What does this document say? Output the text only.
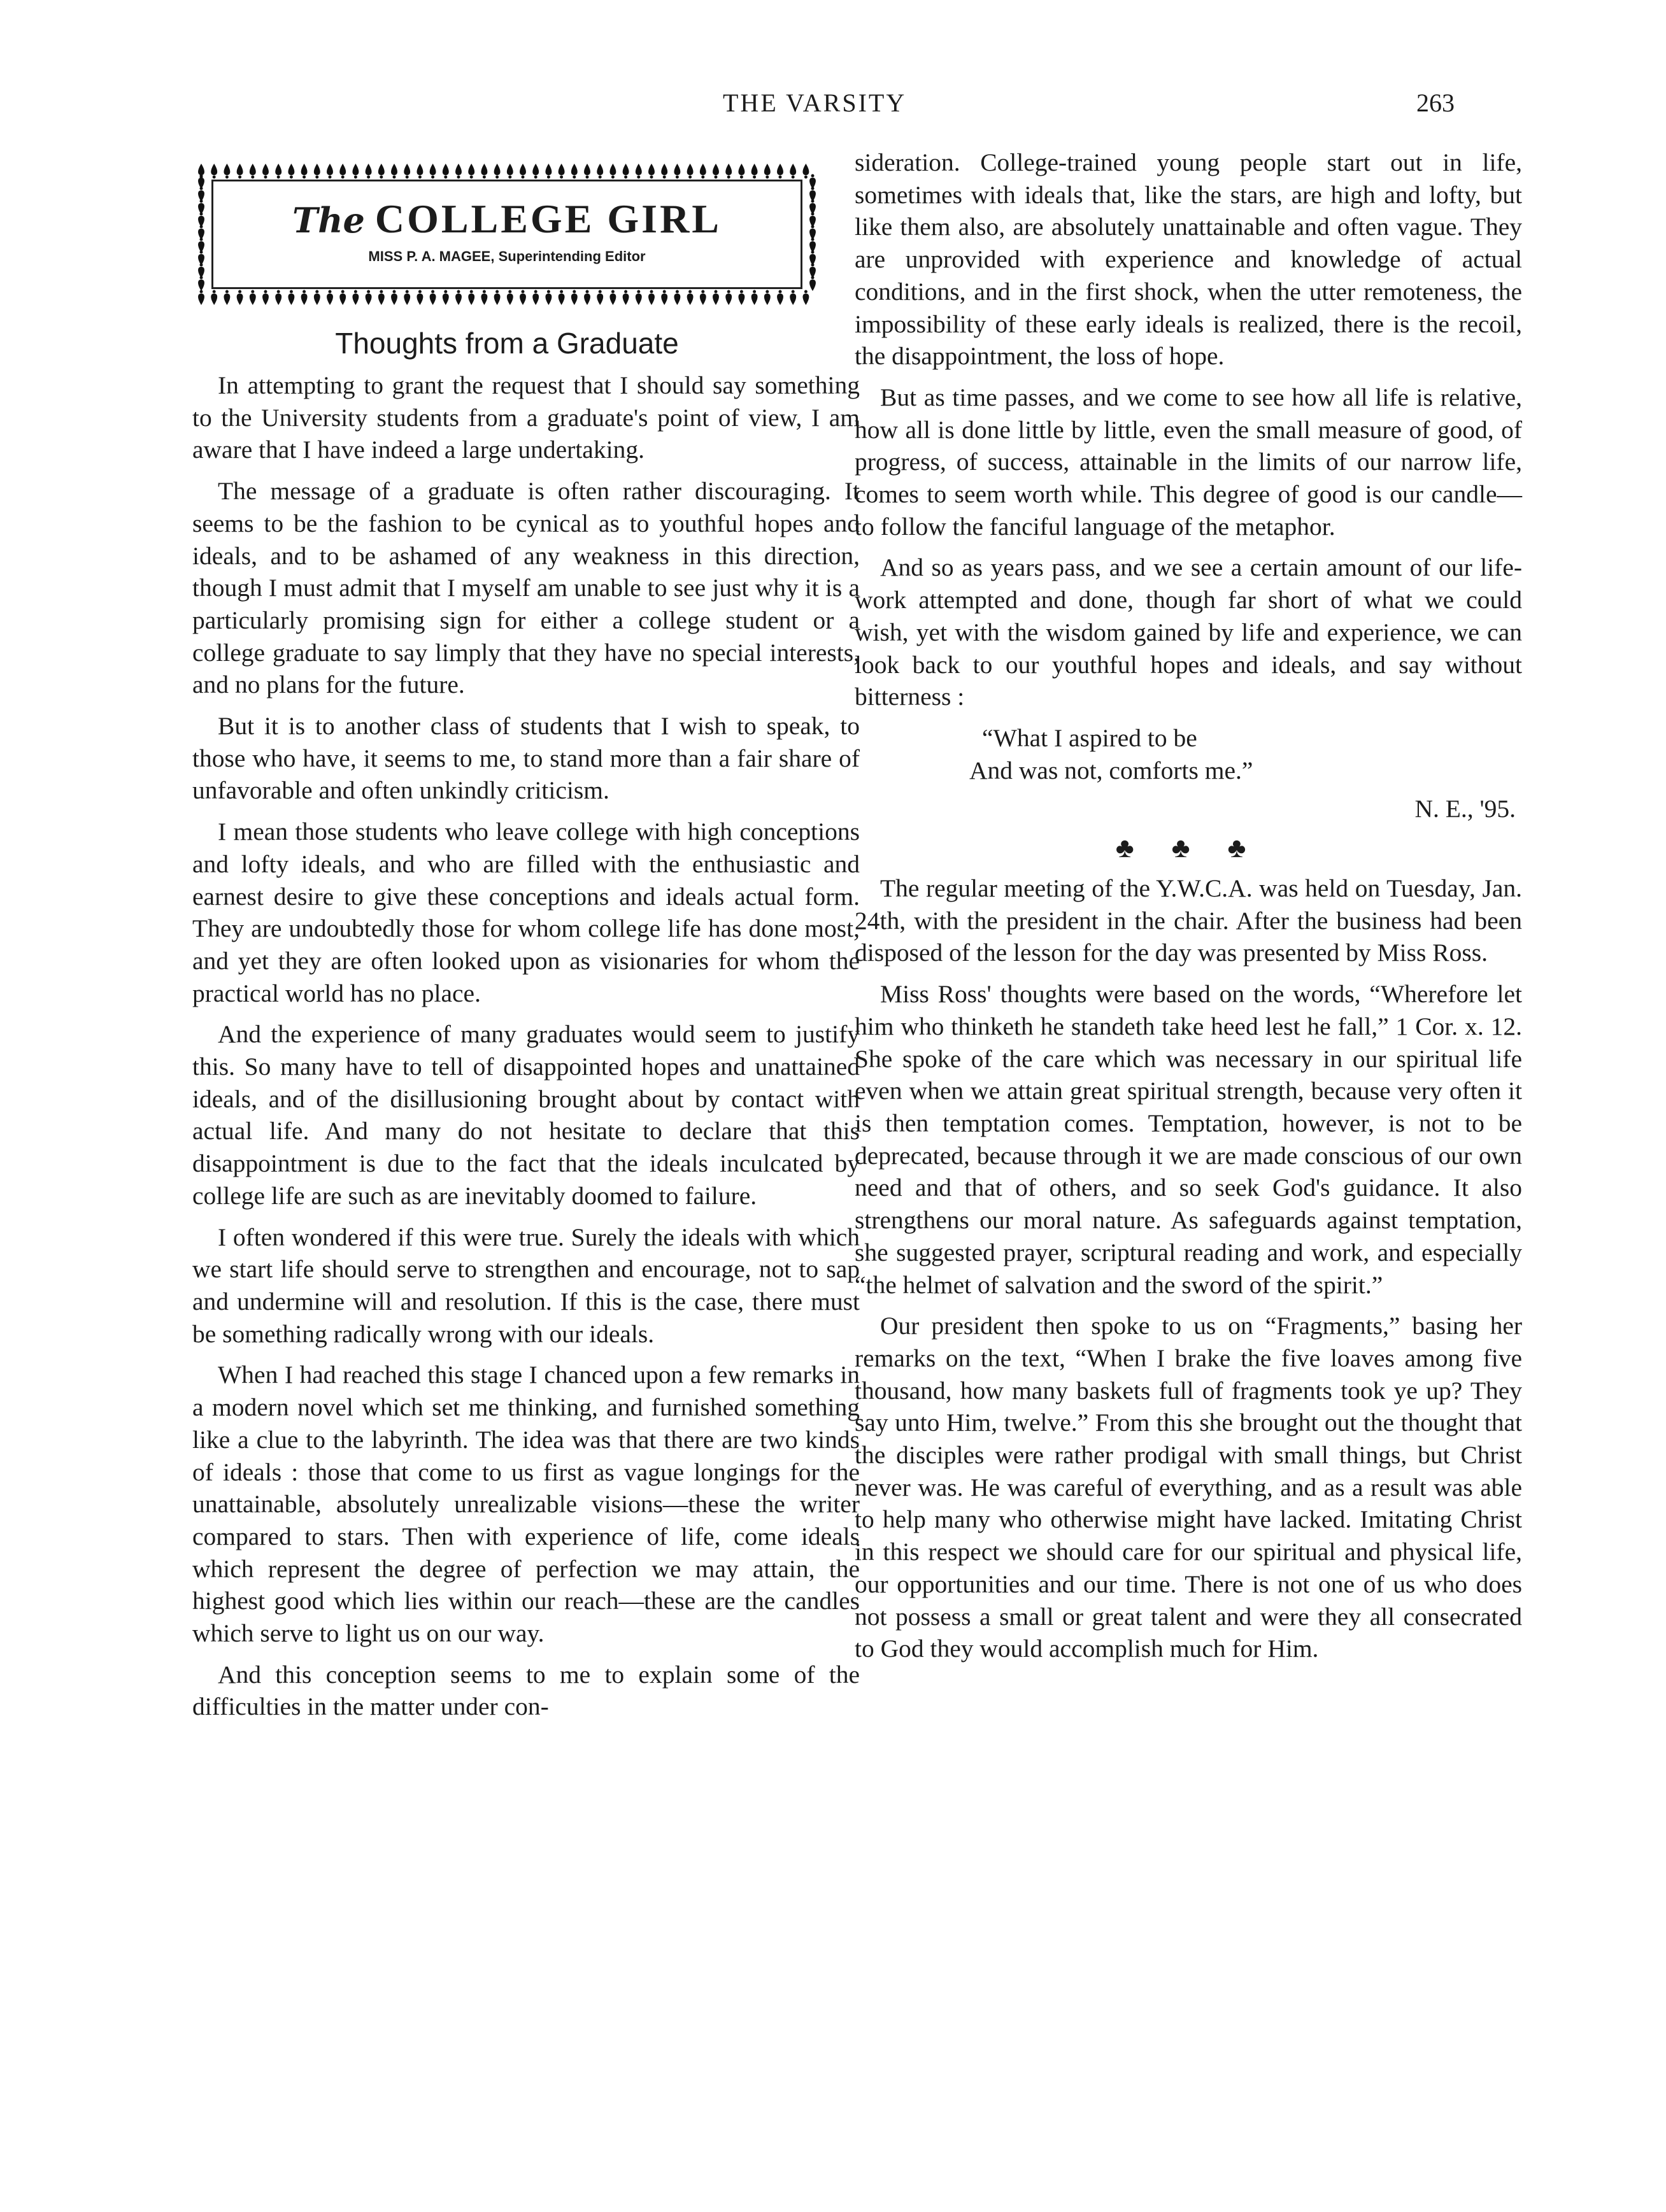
THE VARSITY	263
The COLLEGE GIRL
MISS P. A. MAGEE, Superintending Editor
Thoughts from a Graduate

In attempting to grant the request that I should say something to the University students from a graduate's point of view, I am aware that I have indeed a large undertaking.

The message of a graduate is often rather discouraging. It seems to be the fashion to be cynical as to youthful hopes and ideals, and to be ashamed of any weakness in this direction, though I must admit that I myself am unable to see just why it is a particularly promising sign for either a college student or a college graduate to say limply that they have no special interests, and no plans for the future.

But it is to another class of students that I wish to speak, to those who have, it seems to me, to stand more than a fair share of unfavorable and often unkindly criticism.

I mean those students who leave college with high conceptions and lofty ideals, and who are filled with the enthusiastic and earnest desire to give these conceptions and ideals actual form. They are undoubtedly those for whom college life has done most, and yet they are often looked upon as visionaries for whom the practical world has no place.

And the experience of many graduates would seem to justify this. So many have to tell of disappointed hopes and unattained ideals, and of the disillusioning brought about by contact with actual life. And many do not hesitate to declare that this disappointment is due to the fact that the ideals inculcated by college life are such as are inevitably doomed to failure.

I often wondered if this were true. Surely the ideals with which we start life should serve to strengthen and encourage, not to sap and undermine will and resolution. If this is the case, there must be something radically wrong with our ideals.

When I had reached this stage I chanced upon a few remarks in a modern novel which set me thinking, and furnished something like a clue to the labyrinth. The idea was that there are two kinds of ideals : those that come to us first as vague longings for the unattainable, absolutely unrealizable visions—these the writer compared to stars. Then with experience of life, come ideals which represent the degree of perfection we may attain, the highest good which lies within our reach—these are the candles which serve to light us on our way.

And this conception seems to me to explain some of the difficulties in the matter under con-

sideration. College-trained young people start out in life, sometimes with ideals that, like the stars, are high and lofty, but like them also, are absolutely unattainable and often vague. They are unprovided with experience and knowledge of actual conditions, and in the first shock, when the utter remoteness, the impossibility of these early ideals is realized, there is the recoil, the disappointment, the loss of hope.

But as time passes, and we come to see how all life is relative, how all is done little by little, even the small measure of good, of progress, of success, attainable in the limits of our narrow life, comes to seem worth while. This degree of good is our candle—to follow the fanciful language of the metaphor.

And so as years pass, and we see a certain amount of our life-work attempted and done, though far short of what we could wish, yet with the wisdom gained by life and experience, we can look back to our youthful hopes and ideals, and say without bitterness :

“What I aspired to be
And was not, comforts me.”
N. E., '95.
♣ ♣ ♣

The regular meeting of the Y.W.C.A. was held on Tuesday, Jan. 24th, with the president in the chair. After the business had been disposed of the lesson for the day was presented by Miss Ross.

Miss Ross' thoughts were based on the words, “Wherefore let him who thinketh he standeth take heed lest he fall,” 1 Cor. x. 12. She spoke of the care which was necessary in our spiritual life even when we attain great spiritual strength, because very often it is then temptation comes. Temptation, however, is not to be deprecated, because through it we are made conscious of our own need and that of others, and so seek God's guidance. It also strengthens our moral nature. As safeguards against temptation, she suggested prayer, scriptural reading and work, and especially “the helmet of salvation and the sword of the spirit.”

Our president then spoke to us on “Fragments,” basing her remarks on the text, “When I brake the five loaves among five thousand, how many baskets full of fragments took ye up? They say unto Him, twelve.” From this she brought out the thought that the disciples were rather prodigal with small things, but Christ never was. He was careful of everything, and as a result was able to help many who otherwise might have lacked. Imitating Christ in this respect we should care for our spiritual and physical life, our opportunities and our time. There is not one of us who does not possess a small or great talent and were they all consecrated to God they would accomplish much for Him.
